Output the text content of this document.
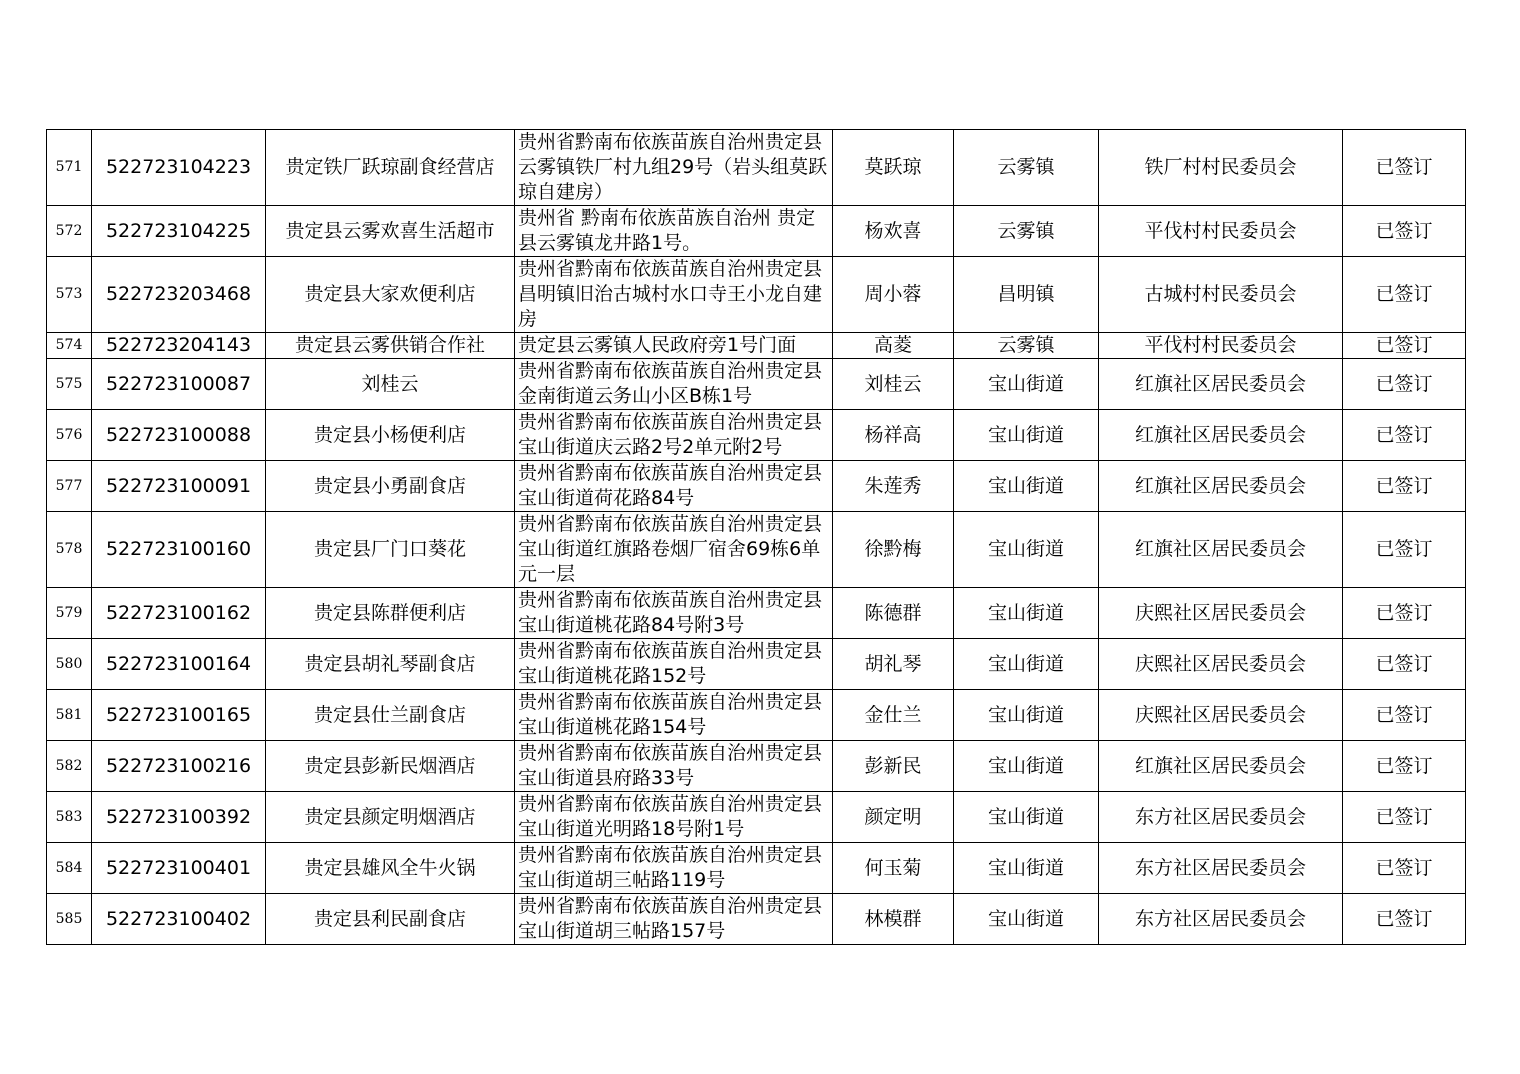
571	522723104223	贵定铁厂跃琼副食经营店	贵州省黔南布依族苗族自治州贵定县云雾镇铁厂村九组29号（岩头组莫跃琼自建房）	莫跃琼	云雾镇	铁厂村村民委员会	已签订
572	522723104225	贵定县云雾欢喜生活超市	贵州省 黔南布依族苗族自治州 贵定县云雾镇龙井路1号。	杨欢喜	云雾镇	平伐村村民委员会	已签订
573	522723203468	贵定县大家欢便利店	贵州省黔南布依族苗族自治州贵定县昌明镇旧治古城村水口寺王小龙自建房	周小蓉	昌明镇	古城村村民委员会	已签订
574	522723204143	贵定县云雾供销合作社	贵定县云雾镇人民政府旁1号门面	高菱	云雾镇	平伐村村民委员会	已签订
575	522723100087	刘桂云	贵州省黔南布依族苗族自治州贵定县金南街道云务山小区B栋1号	刘桂云	宝山街道	红旗社区居民委员会	已签订
576	522723100088	贵定县小杨便利店	贵州省黔南布依族苗族自治州贵定县宝山街道庆云路2号2单元附2号	杨祥高	宝山街道	红旗社区居民委员会	已签订
577	522723100091	贵定县小勇副食店	贵州省黔南布依族苗族自治州贵定县宝山街道荷花路84号	朱莲秀	宝山街道	红旗社区居民委员会	已签订
578	522723100160	贵定县厂门口葵花	贵州省黔南布依族苗族自治州贵定县宝山街道红旗路卷烟厂宿舍69栋6单元一层	徐黔梅	宝山街道	红旗社区居民委员会	已签订
579	522723100162	贵定县陈群便利店	贵州省黔南布依族苗族自治州贵定县宝山街道桃花路84号附3号	陈德群	宝山街道	庆熙社区居民委员会	已签订
580	522723100164	贵定县胡礼琴副食店	贵州省黔南布依族苗族自治州贵定县宝山街道桃花路152号	胡礼琴	宝山街道	庆熙社区居民委员会	已签订
581	522723100165	贵定县仕兰副食店	贵州省黔南布依族苗族自治州贵定县宝山街道桃花路154号	金仕兰	宝山街道	庆熙社区居民委员会	已签订
582	522723100216	贵定县彭新民烟酒店	贵州省黔南布依族苗族自治州贵定县宝山街道县府路33号	彭新民	宝山街道	红旗社区居民委员会	已签订
583	522723100392	贵定县颜定明烟酒店	贵州省黔南布依族苗族自治州贵定县宝山街道光明路18号附1号	颜定明	宝山街道	东方社区居民委员会	已签订
584	522723100401	贵定县雄风全牛火锅	贵州省黔南布依族苗族自治州贵定县宝山街道胡三帖路119号	何玉菊	宝山街道	东方社区居民委员会	已签订
585	522723100402	贵定县利民副食店	贵州省黔南布依族苗族自治州贵定县宝山街道胡三帖路157号	林模群	宝山街道	东方社区居民委员会	已签订
